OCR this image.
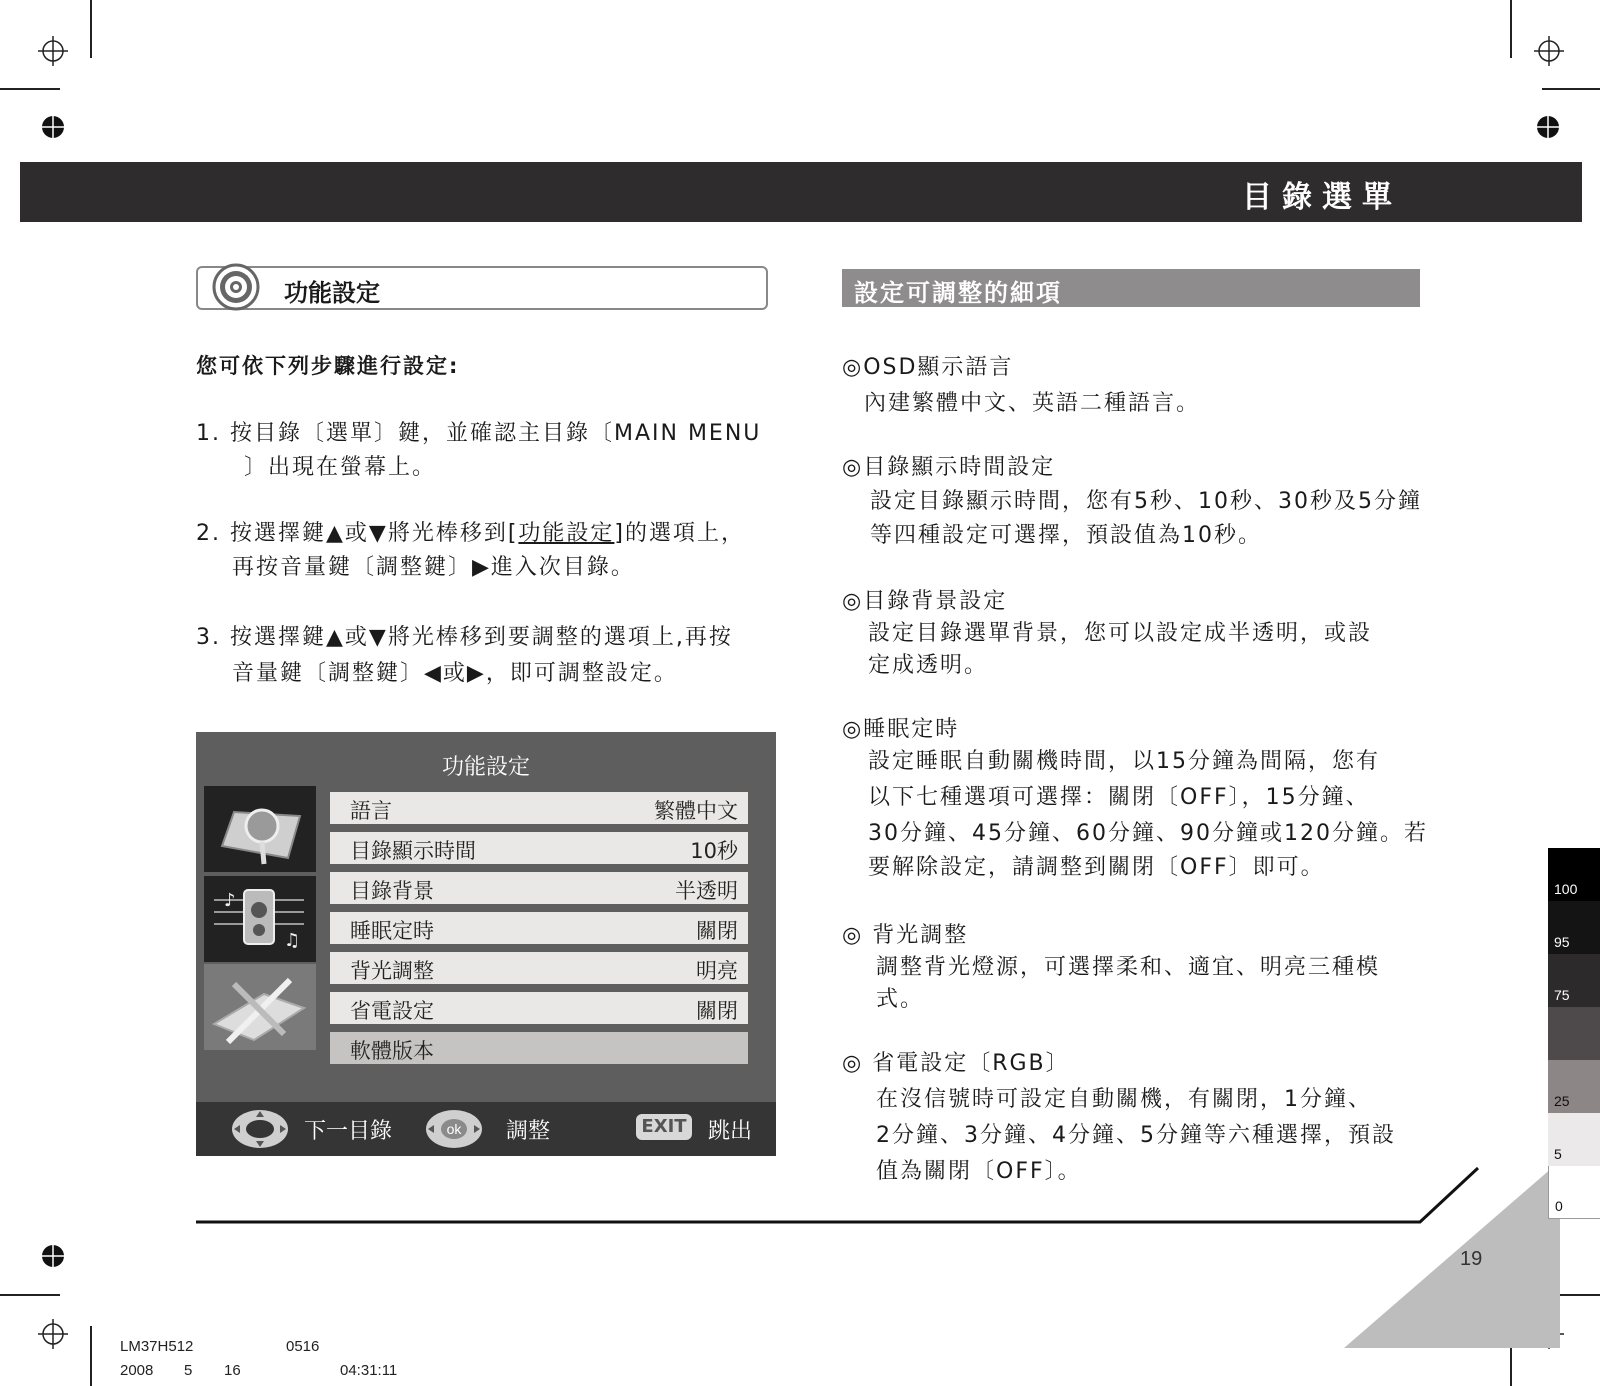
目錄選單
功能設定
您可依下列步驟進行設定:
1. 按目錄〔選單〕鍵，並確認主目錄〔MAIN MENU
〕出現在螢幕上。
2. 按選擇鍵▲或▼將光棒移到[功能設定]的選項上，
再按音量鍵〔調整鍵〕▶進入次目錄。
3. 按選擇鍵▲或▼將光棒移到要調整的選項上,再按
音量鍵〔調整鍵〕◀或▶，即可調整設定。
功能設定
♪
♫
語言	繁體中文
目錄顯示時間	10秒
目錄背景	半透明
睡眠定時	關閉
背光調整	明亮
省電設定	關閉
軟體版本
下一目錄	ok 調整	EXIT 跳出
設定可調整的細項
◎OSD顯示語言
內建繁體中文、英語二種語言。
◎目錄顯示時間設定
設定目錄顯示時間，您有5秒、10秒、30秒及5分鐘
等四種設定可選擇，預設值為10秒。
◎目錄背景設定
設定目錄選單背景，您可以設定成半透明，或設
定成透明。
◎睡眠定時
設定睡眠自動關機時間，以15分鐘為間隔，您有
以下七種選項可選擇：關閉〔OFF〕，15分鐘、
30分鐘、45分鐘、60分鐘、90分鐘或120分鐘。若
要解除設定，請調整到關閉〔OFF〕即可。
◎ 背光調整
調整背光燈源，可選擇柔和、適宜、明亮三種模
式。
◎ 省電設定〔RGB〕
在沒信號時可設定自動關機，有關閉，1分鐘、
2分鐘、3分鐘、4分鐘、5分鐘等六種選擇，預設
值為關閉〔OFF〕。
19
100
95
75
25
5
0
LM37H512	0516
2008 5 16	04:31:11
